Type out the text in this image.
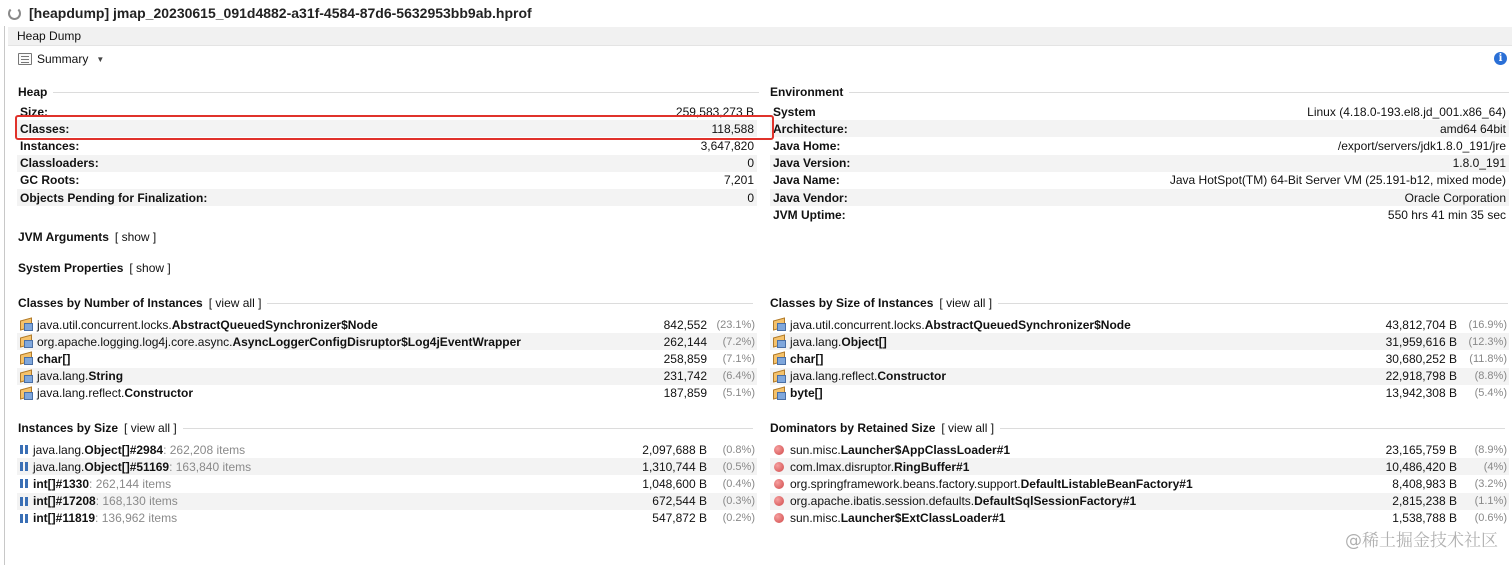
[heapdump] jmap_20230615_091d4882-a31f-4584-87d6-5632953bb9ab.hprof
Heap Dump
Summary ▼	i
Heap
Size:	259,583,273 B
Classes:	118,588
Instances:	3,647,820
Classloaders:	0
GC Roots:	7,201
Objects Pending for Finalization:	0
Environment
System	Linux (4.18.0-193.el8.jd_001.x86_64)
Architecture:	amd64 64bit
Java Home:	/export/servers/jdk1.8.0_191/jre
Java Version:	1.8.0_191
Java Name:	Java HotSpot(TM) 64-Bit Server VM (25.191-b12, mixed mode)
Java Vendor:	Oracle Corporation
JVM Uptime:	550 hrs 41 min 35 sec
JVM Arguments [ show ]
System Properties [ show ]
Classes by Number of Instances [ view all ]
java.util.concurrent.locks. AbstractQueuedSynchronizer$Node	842,552 (23.1%)
org.apache.logging.log4j.core.async. AsyncLoggerConfigDisruptor$Log4jEventWrapper	262,144 (7.2%)
char[]	258,859 (7.1%)
java.lang. String	231,742 (6.4%)
java.lang.reflect. Constructor	187,859 (5.1%)
Classes by Size of Instances [ view all ]
java.util.concurrent.locks. AbstractQueuedSynchronizer$Node	43,812,704 B (16.9%)
java.lang. Object[]	31,959,616 B (12.3%)
char[]	30,680,252 B (11.8%)
java.lang.reflect. Constructor	22,918,798 B (8.8%)
byte[]	13,942,308 B (5.4%)
Instances by Size [ view all ]
java.lang. Object[]#2984 : 262,208 items	2,097,688 B (0.8%)
java.lang. Object[]#51169 : 163,840 items	1,310,744 B (0.5%)
int[]#1330 : 262,144 items	1,048,600 B (0.4%)
int[]#17208 : 168,130 items	672,544 B (0.3%)
int[]#11819 : 136,962 items	547,872 B (0.2%)
Dominators by Retained Size [ view all ]
sun.misc. Launcher$AppClassLoader#1	23,165,759 B (8.9%)
com.lmax.disruptor. RingBuffer#1	10,486,420 B (4%)
org.springframework.beans.factory.support. DefaultListableBeanFactory#1	8,408,983 B (3.2%)
org.apache.ibatis.session.defaults. DefaultSqlSessionFactory#1	2,815,238 B (1.1%)
sun.misc. Launcher$ExtClassLoader#1	1,538,788 B (0.6%)
@稀土掘金技术社区
